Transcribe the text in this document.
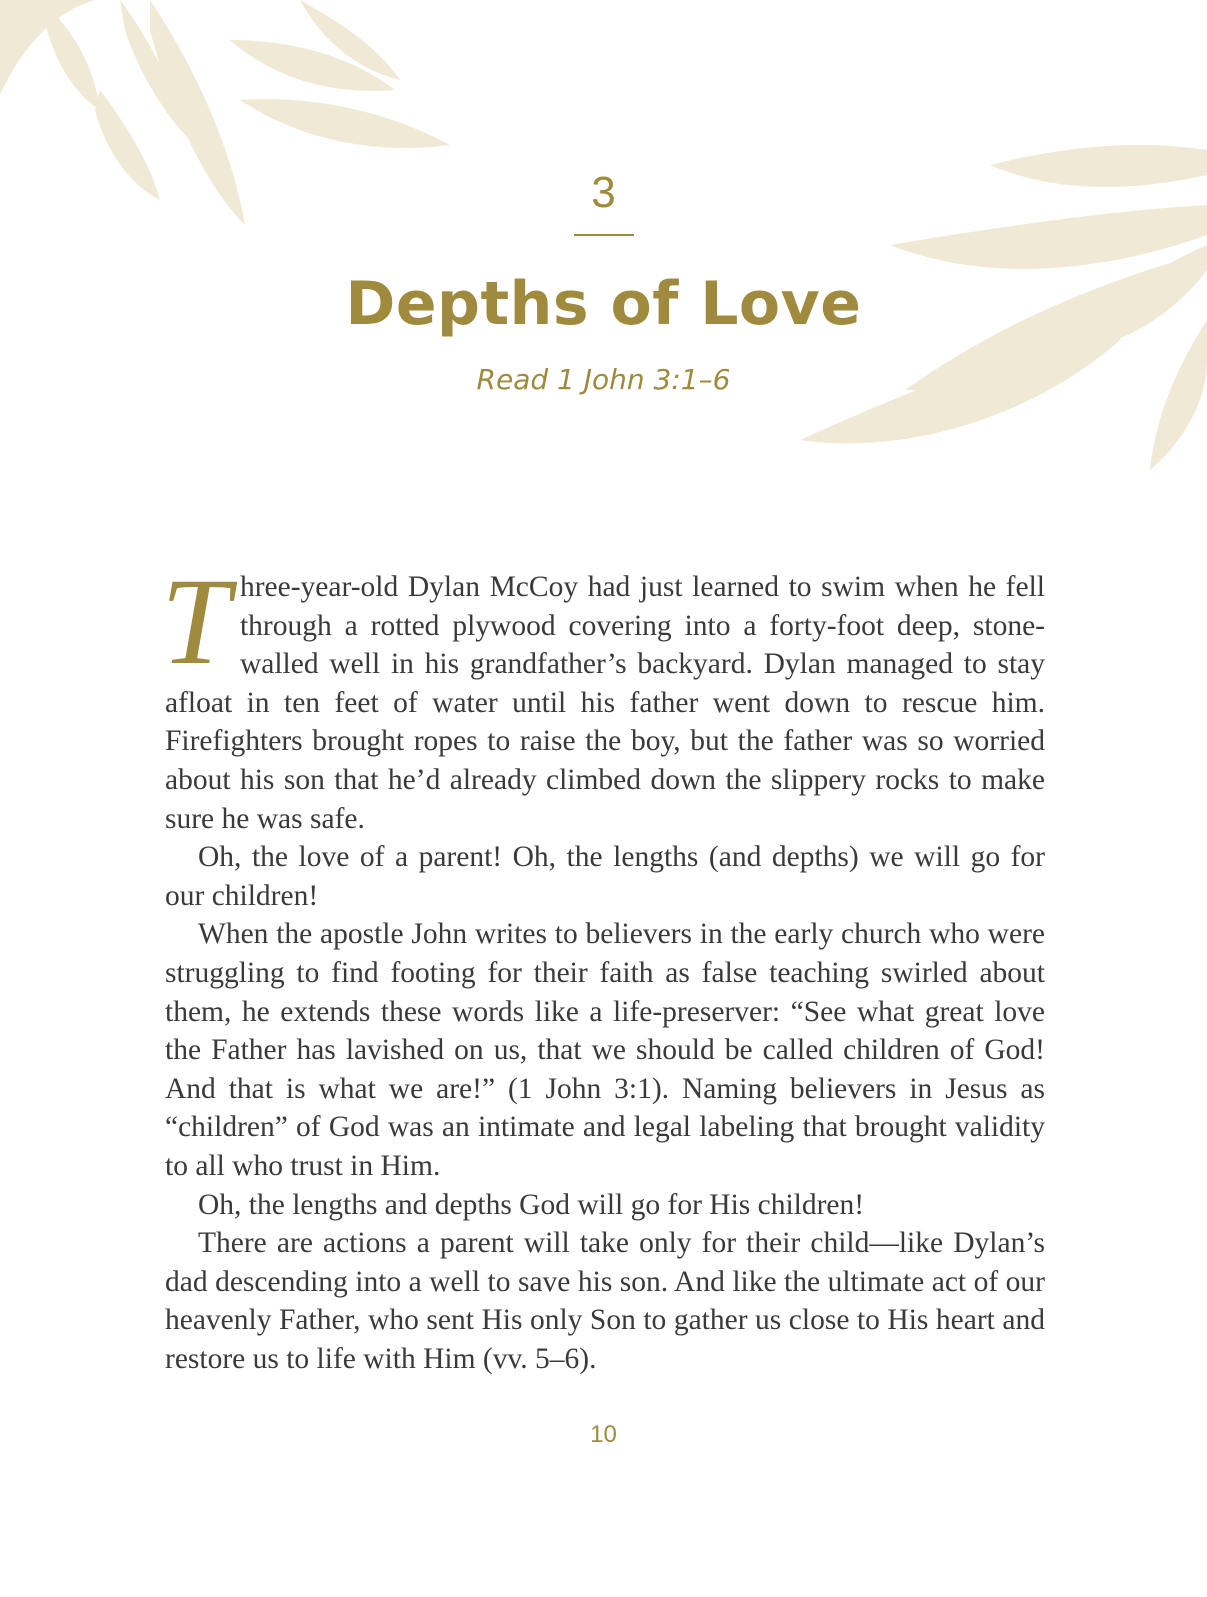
3
Depths of Love
Read 1 John 3:1–6

Three-year-old Dylan McCoy had just learned to swim when he fell through a rotted plywood covering into a forty-foot deep, stone-walled well in his grandfather’s backyard. Dylan managed to stay afloat in ten feet of water until his father went down to rescue him. Firefighters brought ropes to raise the boy, but the father was so worried about his son that he’d already climbed down the slippery rocks to make sure he was safe.

Oh, the love of a parent! Oh, the lengths (and depths) we will go for our children!

When the apostle John writes to believers in the early church who were struggling to find footing for their faith as false teaching swirled about them, he extends these words like a life-preserver: “See what great love the Father has lavished on us, that we should be called children of God! And that is what we are!” (1 John 3:1). Naming believers in Jesus as “children” of God was an intimate and legal labeling that brought validity to all who trust in Him.

Oh, the lengths and depths God will go for His children!

There are actions a parent will take only for their child—like Dylan’s dad descending into a well to save his son. And like the ultimate act of our heavenly Father, who sent His only Son to gather us close to His heart and restore us to life with Him (vv. 5–6).

10
